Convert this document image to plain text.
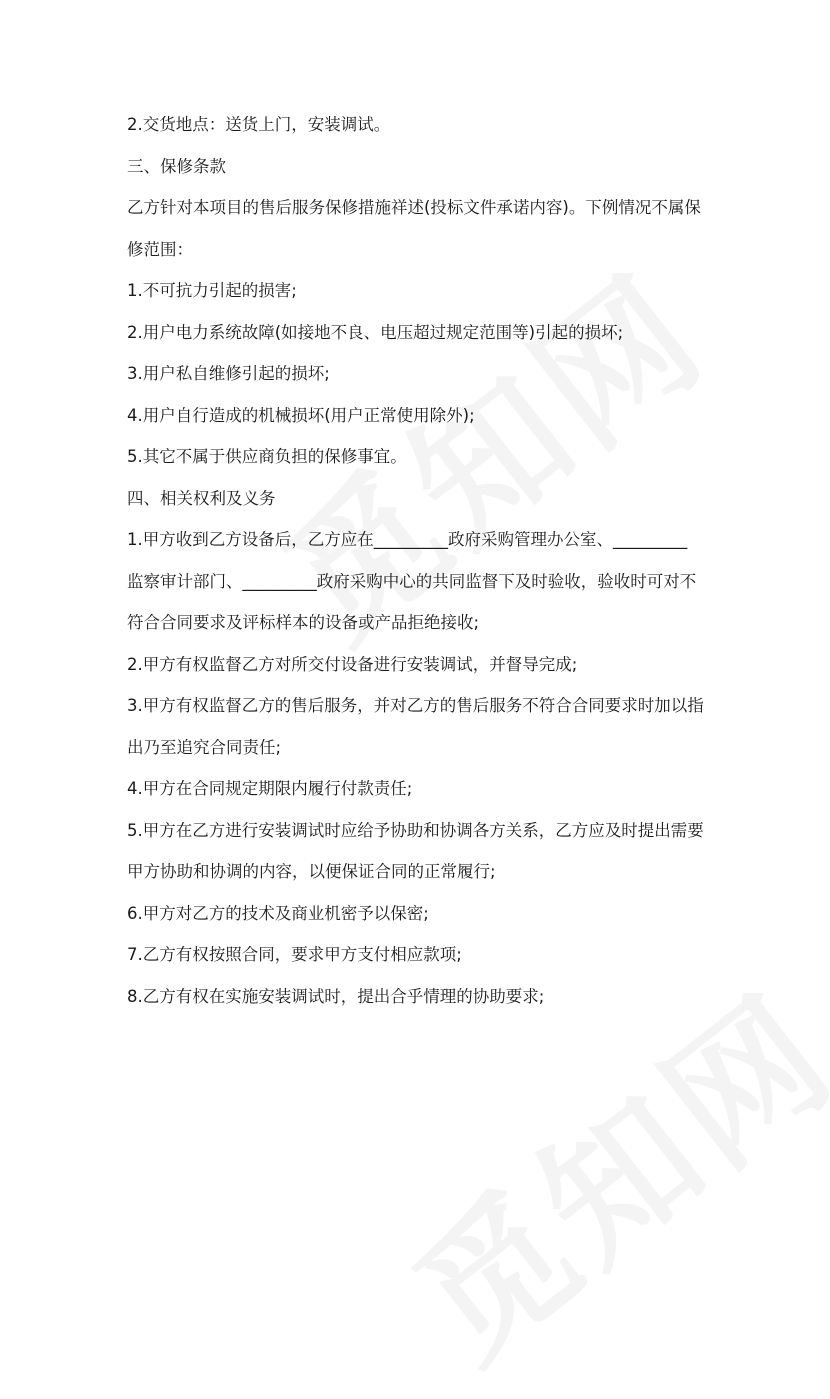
2.交货地点：送货上门，安装调试。
三、保修条款
乙方针对本项目的售后服务保修措施祥述(投标文件承诺内容)。下例情况不属保
修范围：
1.不可抗力引起的损害;
2.用户电力系统故障(如接地不良、电压超过规定范围等)引起的损坏;
3.用户私自维修引起的损坏;
4.用户自行造成的机械损坏(用户正常使用除外);
5.其它不属于供应商负担的保修事宜。
四、相关权利及义务
1.甲方收到乙方设备后，乙方应在_________政府采购管理办公室、_________
监察审计部门、_________政府采购中心的共同监督下及时验收，验收时可对不
符合合同要求及评标样本的设备或产品拒绝接收;
2.甲方有权监督乙方对所交付设备进行安装调试，并督导完成;
3.甲方有权监督乙方的售后服务，并对乙方的售后服务不符合合同要求时加以指
出乃至追究合同责任;
4.甲方在合同规定期限内履行付款责任;
5.甲方在乙方进行安装调试时应给予协助和协调各方关系，乙方应及时提出需要
甲方协助和协调的内容，以便保证合同的正常履行;
6.甲方对乙方的技术及商业机密予以保密;
7.乙方有权按照合同，要求甲方支付相应款项;
8.乙方有权在实施安装调试时，提出合乎情理的协助要求;
